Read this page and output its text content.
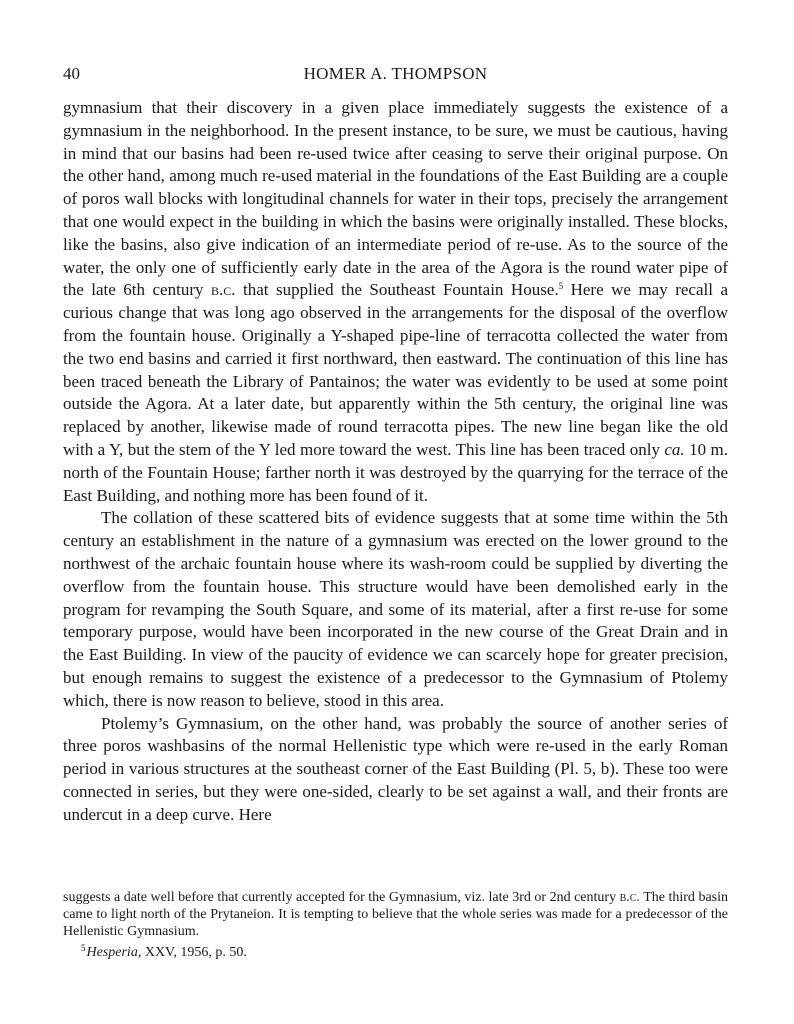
40	HOMER A. THOMPSON

gymnasium that their discovery in a given place immediately suggests the existence of a gymnasium in the neighborhood. In the present instance, to be sure, we must be cautious, having in mind that our basins had been re-used twice after ceasing to serve their original purpose. On the other hand, among much re-used material in the foundations of the East Building are a couple of poros wall blocks with longitudinal channels for water in their tops, precisely the arrangement that one would expect in the building in which the basins were originally installed. These blocks, like the basins, also give indication of an intermediate period of re-use. As to the source of the water, the only one of sufficiently early date in the area of the Agora is the round water pipe of the late 6th century b.c. that supplied the Southeast Fountain House.$^5$ Here we may recall a curious change that was long ago observed in the arrangements for the disposal of the overflow from the fountain house. Originally a Y-shaped pipe-line of terracotta collected the water from the two end basins and carried it first northward, then eastward. The continuation of this line has been traced beneath the Library of Pantainos; the water was evidently to be used at some point outside the Agora. At a later date, but apparently within the 5th century, the original line was replaced by another, likewise made of round terracotta pipes. The new line began like the old with a Y, but the stem of the Y led more toward the west. This line has been traced only ca. 10 m. north of the Fountain House; farther north it was destroyed by the quarrying for the terrace of the East Building, and nothing more has been found of it.

The collation of these scattered bits of evidence suggests that at some time within the 5th century an establishment in the nature of a gymnasium was erected on the lower ground to the northwest of the archaic fountain house where its wash-room could be supplied by diverting the overflow from the fountain house. This structure would have been demolished early in the program for revamping the South Square, and some of its material, after a first re-use for some temporary purpose, would have been incorporated in the new course of the Great Drain and in the East Building. In view of the paucity of evidence we can scarcely hope for greater precision, but enough remains to suggest the existence of a predecessor to the Gymnasium of Ptolemy which, there is now reason to believe, stood in this area.

Ptolemy’s Gymnasium, on the other hand, was probably the source of another series of three poros washbasins of the normal Hellenistic type which were re-used in the early Roman period in various structures at the southeast corner of the East Building (Pl. 5, b). These too were connected in series, but they were one-sided, clearly to be set against a wall, and their fronts are undercut in a deep curve. Here

suggests a date well before that currently accepted for the Gymnasium, viz. late 3rd or 2nd century b.c. The third basin came to light north of the Prytaneion. It is tempting to believe that the whole series was made for a predecessor of the Hellenistic Gymnasium.

$^5$Hesperia, XXV, 1956, p. 50.
